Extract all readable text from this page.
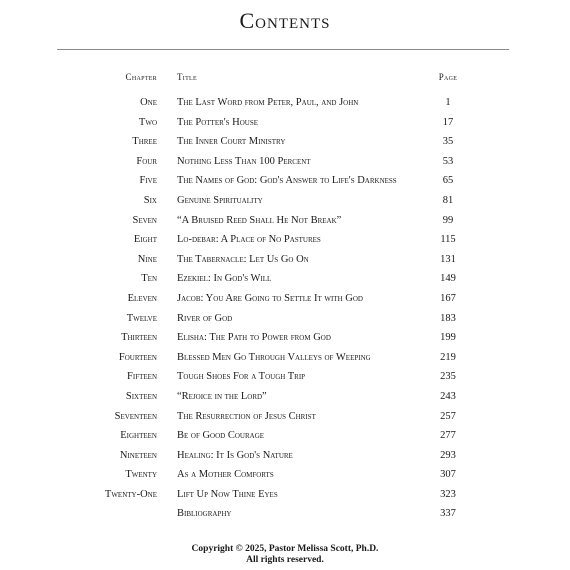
Contents
Chapter Title	Page
One The Last Word from Peter, Paul, and John	1
Two The Potter's House	17
Three The Inner Court Ministry	35
Four Nothing Less Than 100 Percent	53
Five The Names of God: God's Answer to Life's Darkness	65
Six Genuine Spirituality	81
Seven “A Bruised Reed Shall He Not Break”	99
Eight Lo-debar: A Place of No Pastures	115
Nine The Tabernacle: Let Us Go On	131
Ten Ezekiel: In God's Will	149
Eleven Jacob: You Are Going to Settle It with God	167
Twelve River of God	183
Thirteen Elisha: The Path to Power from God	199
Fourteen Blessed Men Go Through Valleys of Weeping	219
Fifteen Tough Shoes For a Tough Trip	235
Sixteen “Rejoice in the Lord”	243
Seventeen The Resurrection of Jesus Christ	257
Eighteen Be of Good Courage	277
Nineteen Healing: It Is God's Nature	293
Twenty As a Mother Comforts	307
Twenty-One Lift Up Now Thine Eyes	323
Bibliography	337
Copyright © 2025, Pastor Melissa Scott, Ph.D.
All rights reserved.
